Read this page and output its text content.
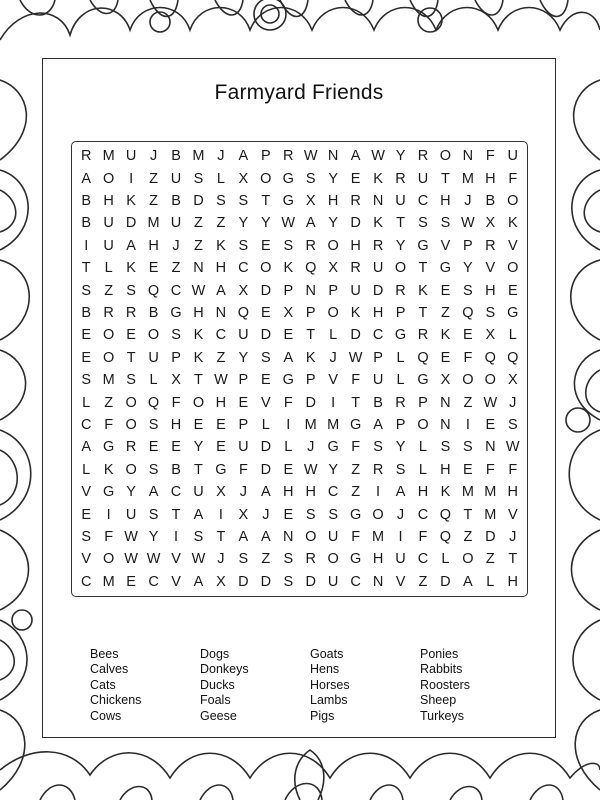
Farmyard Friends
R M U J B M J A P R W N A W Y R O N F U
A O	I	Z U S L X O G S Y E K R U T M H F
B H K Z B D S S T G X H R N U C H J B O
B U D M U Z Z Y Y W A Y D K T S S W X K
I	U A H J Z K S E S R O H R Y G V P R V
T L K E Z N H C O K Q X R U O T G Y V O
S Z S Q C W A X D P N P U D R K E S H E
B R R B G H N Q E X P O K H P T Z Q S G
E O E O S K C U D E T L D C G R K E X L
E O T U P K Z Y S A K J W P L Q E F Q Q
S M S L X T W P E G P V F U L G X O O X
L Z O Q F O H E V F D	I	T B R P N Z W J
C F O S H E E P L	I M M G A P O N	I	E S
A G R E E Y E U D L	J G F S Y L S S N W
L K O S B T G F D E W Y Z R S L H E F F
V G Y A C U X J A H H C Z	I	A H K M M H
E	I	U S T A	I	X J E S S G O J C Q T M V
S F W Y	I	S T A A N O U F M I	F Q Z D J
V O W W V W J S Z S R O G H U C L O Z T
C M E C V A X D D S D U C N V Z D A L H
Bees
Calves
Cats
Chickens
Cows
Dogs
Donkeys
Ducks
Foals
Geese
Goats
Hens
Horses
Lambs
Pigs
Ponies
Rabbits
Roosters
Sheep
Turkeys
